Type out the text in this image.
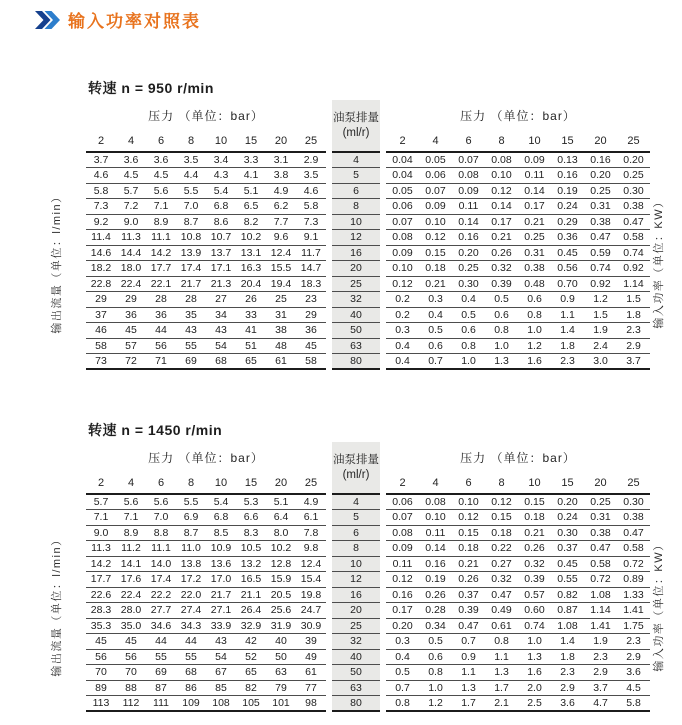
输入功率对照表

转速 n = 950 r/min

压力 （单位：bar）									油泵排量
(ml/r)		压力 （单位：bar）							
2	4	6	8	10	15	20	25				2	4	6	8	10	15	20	25
3.7	3.6	3.6	3.5	3.4	3.3	3.1	2.9		4		0.04	0.05	0.07	0.08	0.09	0.13	0.16	0.20
4.6	4.5	4.5	4.4	4.3	4.1	3.8	3.5		5		0.04	0.06	0.08	0.10	0.11	0.16	0.20	0.25
5.8	5.7	5.6	5.5	5.4	5.1	4.9	4.6		6		0.05	0.07	0.09	0.12	0.14	0.19	0.25	0.30
7.3	7.2	7.1	7.0	6.8	6.5	6.2	5.8		8		0.06	0.09	0.11	0.14	0.17	0.24	0.31	0.38
9.2	9.0	8.9	8.7	8.6	8.2	7.7	7.3		10		0.07	0.10	0.14	0.17	0.21	0.29	0.38	0.47
11.4	11.3	11.1	10.8	10.7	10.2	9.6	9.1		12		0.08	0.12	0.16	0.21	0.25	0.36	0.47	0.58
14.6	14.4	14.2	13.9	13.7	13.1	12.4	11.7		16		0.09	0.15	0.20	0.26	0.31	0.45	0.59	0.74
18.2	18.0	17.7	17.4	17.1	16.3	15.5	14.7		20		0.10	0.18	0.25	0.32	0.38	0.56	0.74	0.92
22.8	22.4	22.1	21.7	21.3	20.4	19.4	18.3		25		0.12	0.21	0.30	0.39	0.48	0.70	0.92	1.14
29	29	28	28	27	26	25	23		32		0.2	0.3	0.4	0.5	0.6	0.9	1.2	1.5
37	36	36	35	34	33	31	29		40		0.2	0.4	0.5	0.6	0.8	1.1	1.5	1.8
46	45	44	43	43	41	38	36		50		0.3	0.5	0.6	0.8	1.0	1.4	1.9	2.3
58	57	56	55	54	51	48	45		63		0.4	0.6	0.8	1.0	1.2	1.8	2.4	2.9
73	72	71	69	68	65	61	58		80		0.4	0.7	1.0	1.3	1.6	2.3	3.0	3.7

转速 n = 1450 r/min

压力 （单位：bar）									油泵排量
(ml/r)		压力 （单位：bar）							
2	4	6	8	10	15	20	25				2	4	6	8	10	15	20	25
5.7	5.6	5.6	5.5	5.4	5.3	5.1	4.9		4		0.06	0.08	0.10	0.12	0.15	0.20	0.25	0.30
7.1	7.1	7.0	6.9	6.8	6.6	6.4	6.1		5		0.07	0.10	0.12	0.15	0.18	0.24	0.31	0.38
9.0	8.9	8.8	8.7	8.5	8.3	8.0	7.8		6		0.08	0.11	0.15	0.18	0.21	0.30	0.38	0.47
11.3	11.2	11.1	11.0	10.9	10.5	10.2	9.8		8		0.09	0.14	0.18	0.22	0.26	0.37	0.47	0.58
14.2	14.1	14.0	13.8	13.6	13.2	12.8	12.4		10		0.11	0.16	0.21	0.27	0.32	0.45	0.58	0.72
17.7	17.6	17.4	17.2	17.0	16.5	15.9	15.4		12		0.12	0.19	0.26	0.32	0.39	0.55	0.72	0.89
22.6	22.4	22.2	22.0	21.7	21.1	20.5	19.8		16		0.16	0.26	0.37	0.47	0.57	0.82	1.08	1.33
28.3	28.0	27.7	27.4	27.1	26.4	25.6	24.7		20		0.17	0.28	0.39	0.49	0.60	0.87	1.14	1.41
35.3	35.0	34.6	34.3	33.9	32.9	31.9	30.9		25		0.20	0.34	0.47	0.61	0.74	1.08	1.41	1.75
45	45	44	44	43	42	40	39		32		0.3	0.5	0.7	0.8	1.0	1.4	1.9	2.3
56	56	55	55	54	52	50	49		40		0.4	0.6	0.9	1.1	1.3	1.8	2.3	2.9
70	70	69	68	67	65	63	61		50		0.5	0.8	1.1	1.3	1.6	2.3	2.9	3.6
89	88	87	86	85	82	79	77		63		0.7	1.0	1.3	1.7	2.0	2.9	3.7	4.5
113	112	111	109	108	105	101	98		80		0.8	1.2	1.7	2.1	2.5	3.6	4.7	5.8
输出流量（单位：l/min）	输入功率（单位：KW）
输出流量（单位：l/min）	输入功率（单位：KW）
